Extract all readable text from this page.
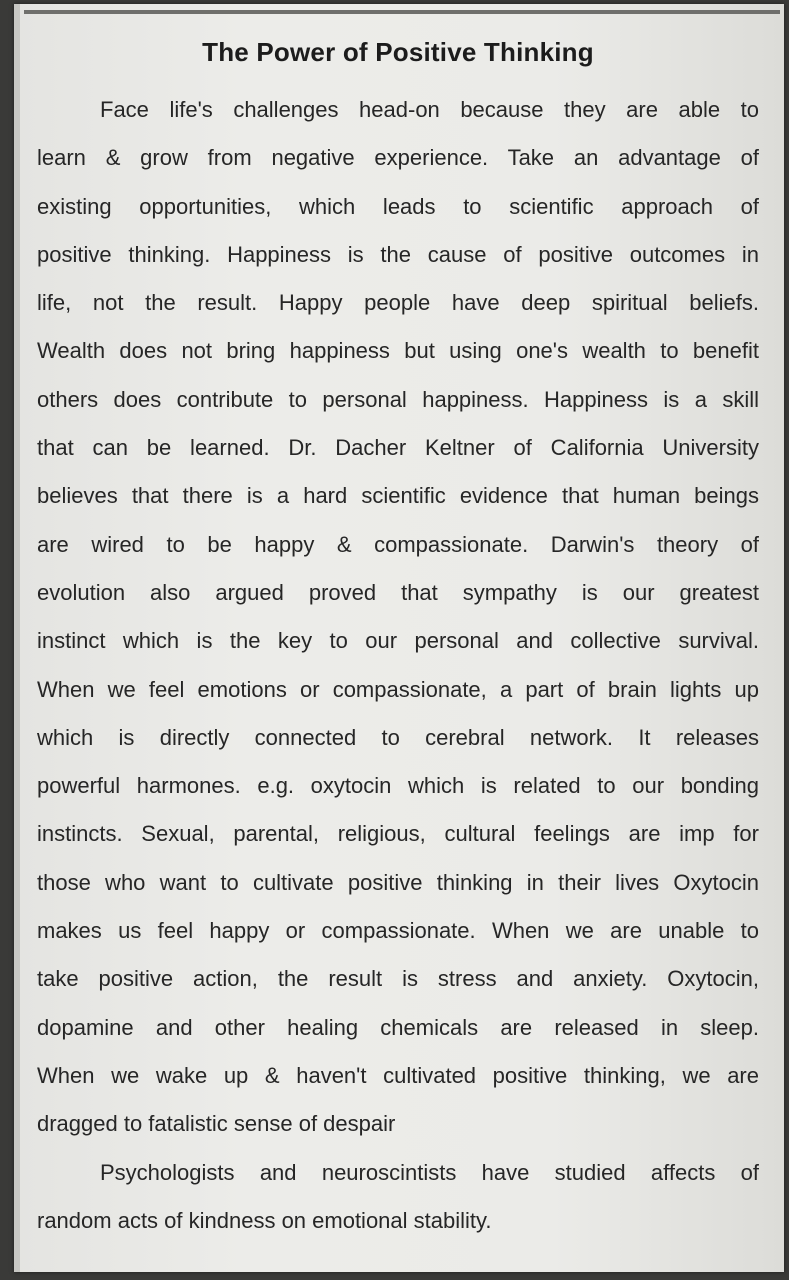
The Power of Positive Thinking

Face life's challenges head-on because they are able to
learn & grow from negative experience. Take an advantage of
existing opportunities, which leads to scientific approach of
positive thinking. Happiness is the cause of positive outcomes in
life, not the result. Happy people have deep spiritual beliefs.
Wealth does not bring happiness but using one's wealth to benefit
others does contribute to personal happiness. Happiness is a skill
that can be learned. Dr. Dacher Keltner of California University
believes that there is a hard scientific evidence that human beings
are wired to be happy & compassionate. Darwin's theory of
evolution also argued proved that sympathy is our greatest
instinct which is the key to our personal and collective survival.
When we feel emotions or compassionate, a part of brain lights up
which is directly connected to cerebral network. It releases
powerful harmones. e.g. oxytocin which is related to our bonding
instincts. Sexual, parental, religious, cultural feelings are imp for
those who want to cultivate positive thinking in their lives Oxytocin
makes us feel happy or compassionate. When we are unable to
take positive action, the result is stress and anxiety. Oxytocin,
dopamine and other healing chemicals are released in sleep.
When we wake up & haven't cultivated positive thinking, we are
dragged to fatalistic sense of despair

Psychologists and neuroscintists have studied affects of
random acts of kindness on emotional stability.
